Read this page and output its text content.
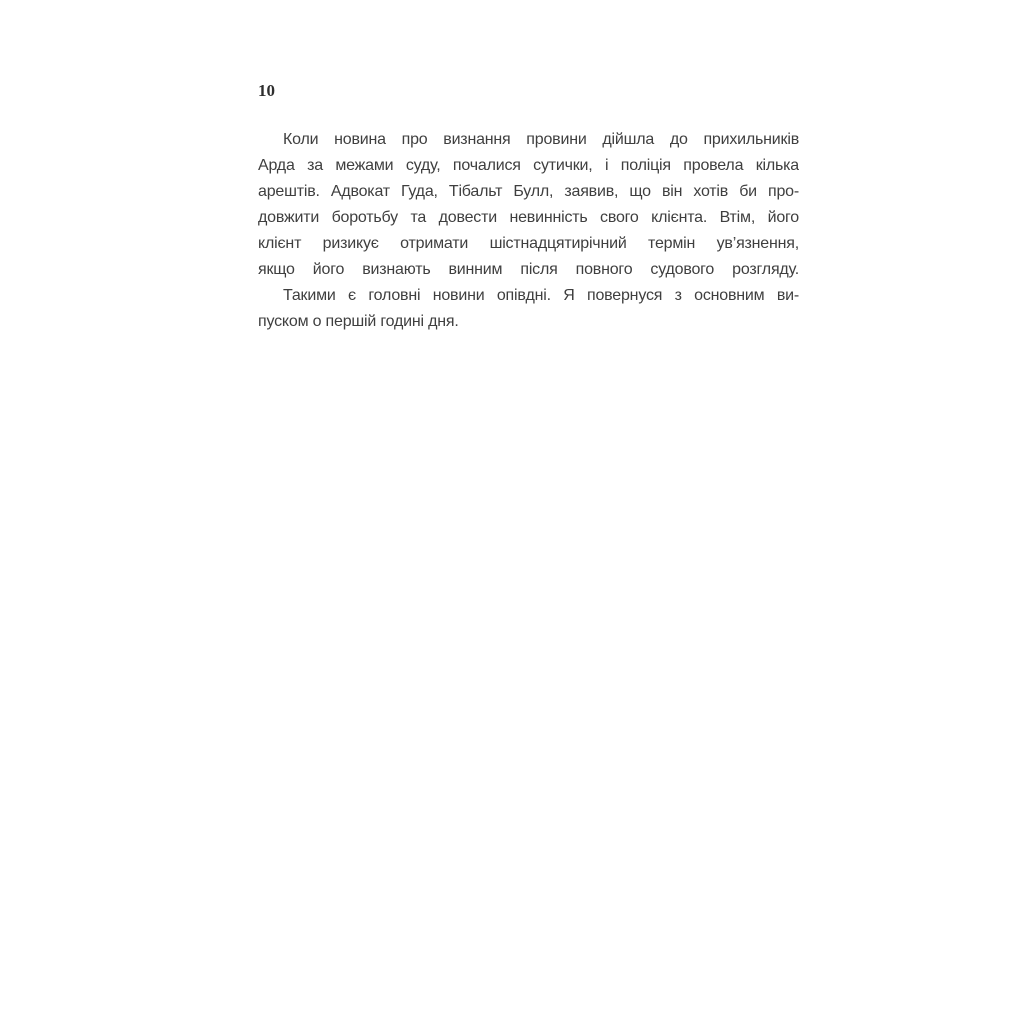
10
Коли новина про визнання провини дійшла до прихильників
Арда за межами суду, почалися сутички, і поліція провела кілька
арештів. Адвокат Гуда, Тібальт Булл, заявив, що він хотів би про-
довжити боротьбу та довести невинність свого клієнта. Втім, його
клієнт ризикує отримати шістнадцятирічний термін ув’язнення,
якщо його визнають винним після повного судового розгляду.
Такими є головні новини опівдні. Я повернуся з основним ви-
пуском о першій годині дня.
